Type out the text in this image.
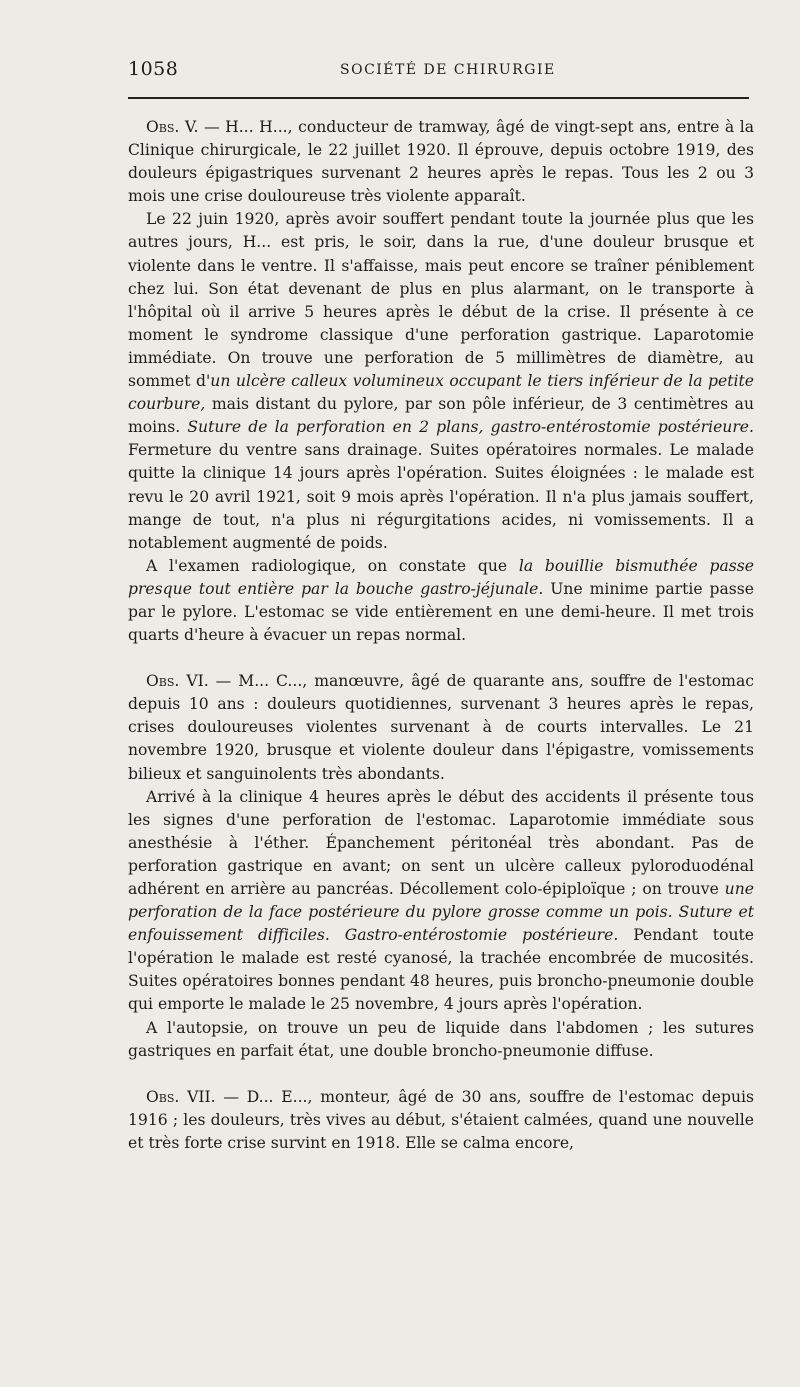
1058	SOCIÉTÉ DE CHIRURGIE

Obs. V. — H... H..., conducteur de tramway, âgé de vingt-sept ans, entre à la Clinique chirurgicale, le 22 juillet 1920. Il éprouve, depuis octobre 1919, des douleurs épigastriques survenant 2 heures après le repas. Tous les 2 ou 3 mois une crise douloureuse très violente apparaît.

Le 22 juin 1920, après avoir souffert pendant toute la journée plus que les autres jours, H... est pris, le soir, dans la rue, d'une douleur brusque et violente dans le ventre. Il s'affaisse, mais peut encore se traîner péniblement chez lui. Son état devenant de plus en plus alarmant, on le transporte à l'hôpital où il arrive 5 heures après le début de la crise. Il présente à ce moment le syndrome classique d'une perforation gastrique. Laparotomie immédiate. On trouve une perforation de 5 millimètres de diamètre, au sommet d'un ulcère calleux volumineux occupant le tiers inférieur de la petite courbure, mais distant du pylore, par son pôle inférieur, de 3 centimètres au moins. Suture de la perforation en 2 plans, gastro-entérostomie postérieure. Fermeture du ventre sans drainage. Suites opératoires normales. Le malade quitte la clinique 14 jours après l'opération. Suites éloignées : le malade est revu le 20 avril 1921, soit 9 mois après l'opération. Il n'a plus jamais souffert, mange de tout, n'a plus ni régurgitations acides, ni vomissements. Il a notablement augmenté de poids.

A l'examen radiologique, on constate que la bouillie bismuthée passe presque tout entière par la bouche gastro-jéjunale. Une minime partie passe par le pylore. L'estomac se vide entièrement en une demi-heure. Il met trois quarts d'heure à évacuer un repas normal.

Obs. VI. — M... C..., manœuvre, âgé de quarante ans, souffre de l'estomac depuis 10 ans : douleurs quotidiennes, survenant 3 heures après le repas, crises douloureuses violentes survenant à de courts intervalles. Le 21 novembre 1920, brusque et violente douleur dans l'épigastre, vomissements bilieux et sanguinolents très abondants.

Arrivé à la clinique 4 heures après le début des accidents il présente tous les signes d'une perforation de l'estomac. Laparotomie immédiate sous anesthésie à l'éther. Épanchement péritonéal très abondant. Pas de perforation gastrique en avant; on sent un ulcère calleux pyloroduodénal adhérent en arrière au pancréas. Décollement colo-épiploïque ; on trouve une perforation de la face postérieure du pylore grosse comme un pois. Suture et enfouissement difficiles. Gastro-entérostomie postérieure. Pendant toute l'opération le malade est resté cyanosé, la trachée encombrée de mucosités. Suites opératoires bonnes pendant 48 heures, puis broncho-pneumonie double qui emporte le malade le 25 novembre, 4 jours après l'opération.

A l'autopsie, on trouve un peu de liquide dans l'abdomen ; les sutures gastriques en parfait état, une double broncho-pneumonie diffuse.

Obs. VII. — D... E..., monteur, âgé de 30 ans, souffre de l'estomac depuis 1916 ; les douleurs, très vives au début, s'étaient calmées, quand une nouvelle et très forte crise survint en 1918. Elle se calma encore,
